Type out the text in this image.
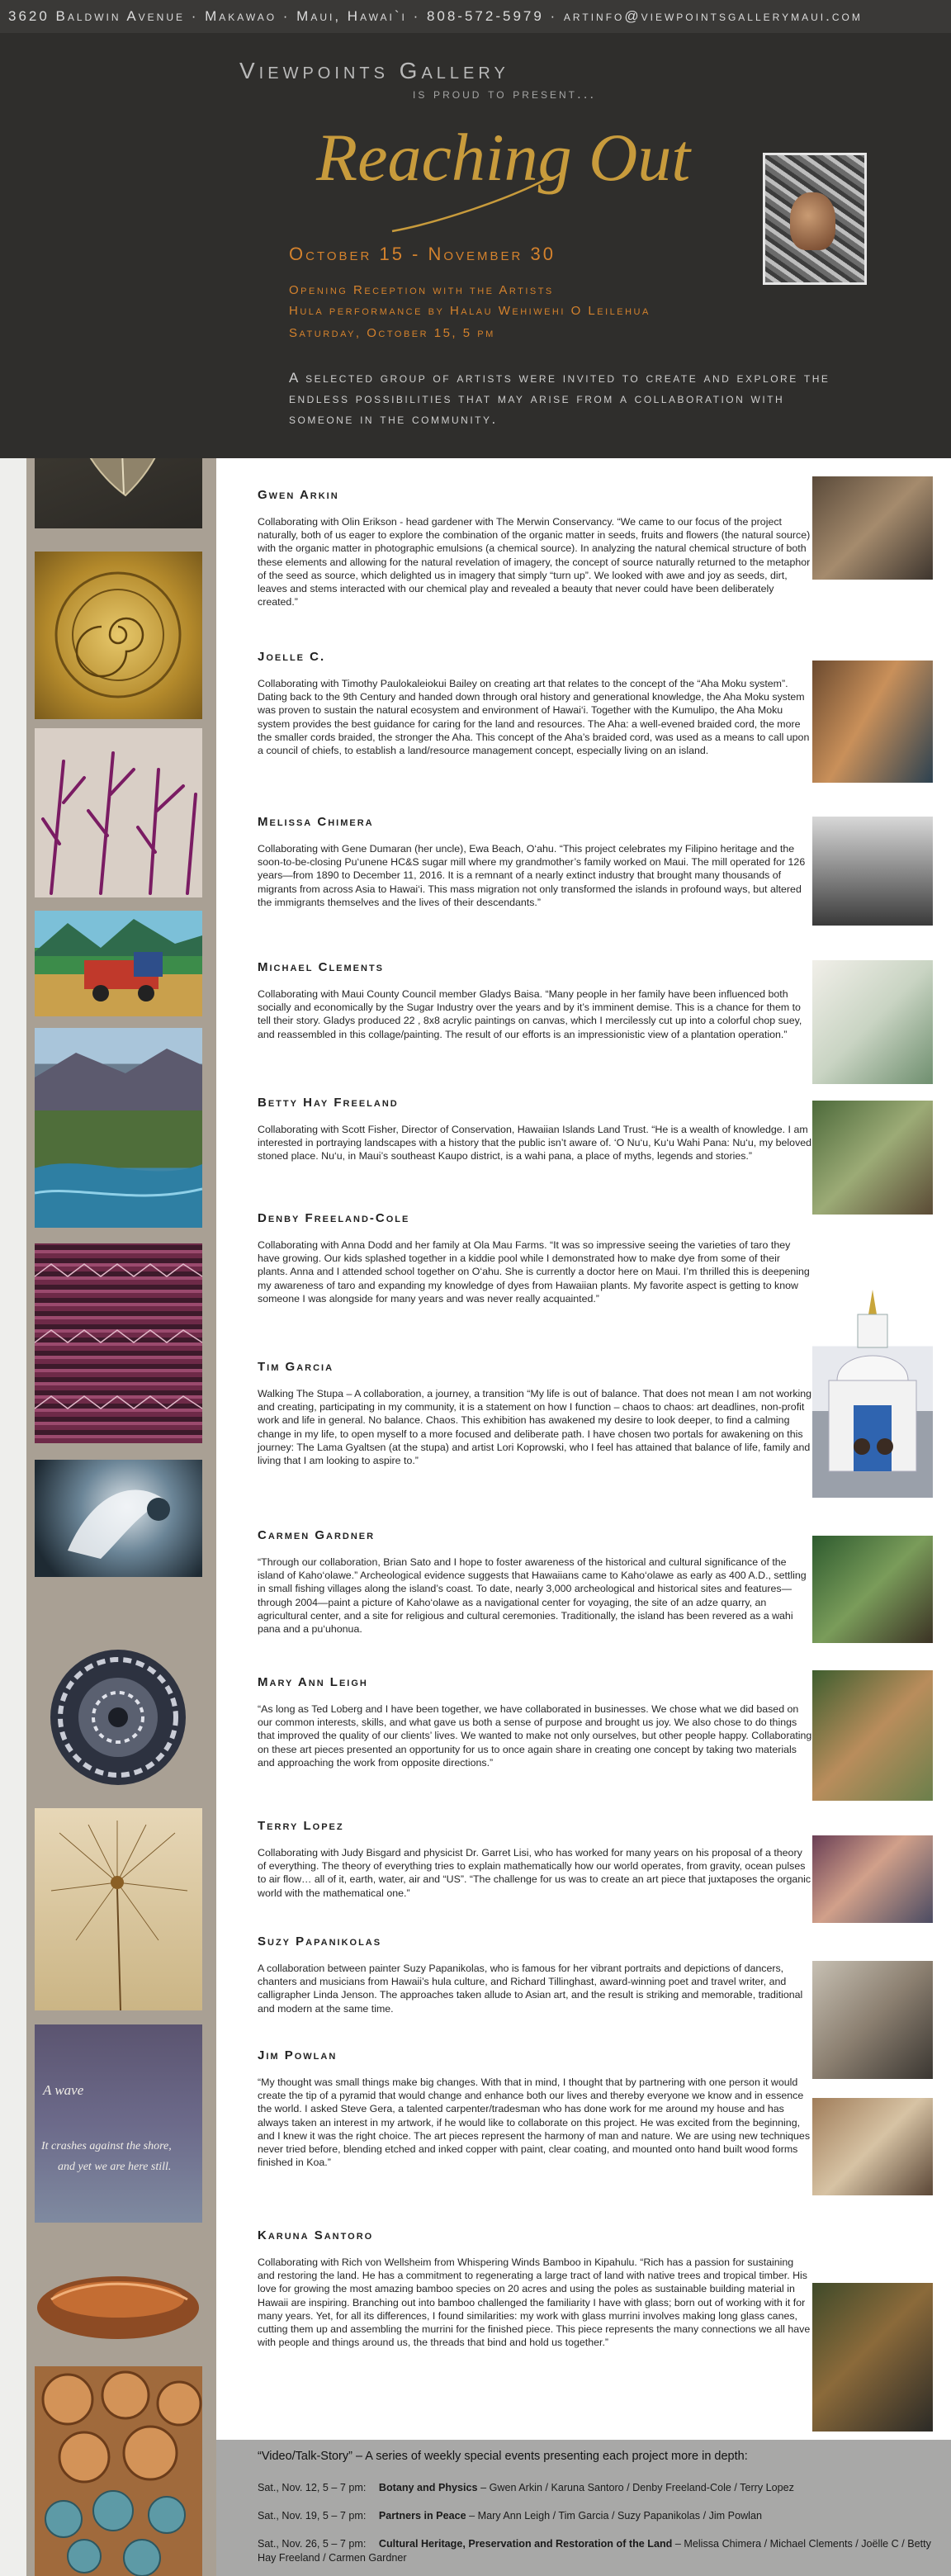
A wave
It crashes against the shore,
and yet we are here still.
3620 Baldwin Avenue · Makawao · Maui, Hawai`i · 808-572-5979 · artinfo@viewpointsgallerymaui.com
Viewpoints Gallery
is proud to present...
Reaching Out
October 15 - November 30
Opening Reception with the Artists
Hula performance by Halau Wehiwehi O Leilehua
Saturday, October 15, 5 pm
A selected group of artists were invited to create and explore the endless possibilities that may arise from a collaboration with someone in the community.
Gwen Arkin

Collaborating with Olin Erikson - head gardener with The Merwin Conservancy. “We came to our focus of the project naturally, both of us eager to explore the combination of the organic matter in seeds, fruits and flowers (the natural source) with the organic matter in photographic emulsions (a chemical source). In analyzing the natural chemical structure of both these elements and allowing for the natural revelation of imagery, the concept of source naturally returned to the metaphor of the seed as source, which delighted us in imagery that simply “turn up”. We looked with awe and joy as seeds, dirt, leaves and stems interacted with our chemical play and revealed a beauty that never could have been deliberately created.”

Joelle C.

Collaborating with Timothy Paulokaleiokui Bailey on creating art that relates to the concept of the “Aha Moku system”. Dating back to the 9th Century and handed down through oral history and generational knowledge, the Aha Moku system was proven to sustain the natural ecosystem and environment of Hawai‘i. Together with the Kumulipo, the Aha Moku system provides the best guidance for caring for the land and resources. The Aha: a well-evened braided cord, the more the smaller cords braided, the stronger the Aha. This concept of the Aha’s braided cord, was used as a means to call upon a council of chiefs, to establish a land/resource management concept, especially living on an island.

Melissa Chimera

Collaborating with Gene Dumaran (her uncle), Ewa Beach, O‘ahu. “This project celebrates my Filipino heritage and the soon-to-be-closing Pu‘unene HC&S sugar mill where my grandmother’s family worked on Maui. The mill operated for 126 years—from 1890 to December 11, 2016. It is a remnant of a nearly extinct industry that brought many thousands of migrants from across Asia to Hawai‘i. This mass migration not only transformed the islands in profound ways, but altered the immigrants themselves and the lives of their descendants.”

Michael Clements

Collaborating with Maui County Council member Gladys Baisa. “Many people in her family have been influenced both socially and economically by the Sugar Industry over the years and by it’s imminent demise. This is a chance for them to tell their story. Gladys produced 22 , 8x8 acrylic paintings on canvas, which I mercilessly cut up into a colorful chop suey, and reassembled in this collage/painting. The result of our efforts is an impressionistic view of a plantation operation.”

Betty Hay Freeland

Collaborating with Scott Fisher, Director of Conservation, Hawaiian Islands Land Trust. “He is a wealth of knowledge. I am interested in portraying landscapes with a history that the public isn’t aware of. ‘O Nu‘u, Ku‘u Wahi Pana: Nu‘u, my beloved stoned place. Nu‘u, in Maui’s southeast Kaupo district, is a wahi pana, a place of myths, legends and stories.”

Denby Freeland-Cole

Collaborating with Anna Dodd and her family at Ola Mau Farms. “It was so impressive seeing the varieties of taro they have growing. Our kids splashed together in a kiddie pool while I demonstrated how to make dye from some of their plants. Anna and I attended school together on O‘ahu. She is currently a doctor here on Maui. I’m thrilled this is deepening my awareness of taro and expanding my knowledge of dyes from Hawaiian plants. My favorite aspect is getting to know someone I was alongside for many years and was never really acquainted.”

Tim Garcia

Walking The Stupa – A collaboration, a journey, a transition “My life is out of balance. That does not mean I am not working and creating, participating in my community, it is a statement on how I function – chaos to chaos: art deadlines, non-profit work and life in general. No balance. Chaos. This exhibition has awakened my desire to look deeper, to find a calming change in my life, to open myself to a more focused and deliberate path. I have chosen two portals for awakening on this journey: The Lama Gyaltsen (at the stupa) and artist Lori Koprowski, who I feel has attained that balance of life, family and living that I am looking to aspire to.”

Carmen Gardner

“Through our collaboration, Brian Sato and I hope to foster awareness of the historical and cultural significance of the island of Kaho‘olawe.” Archeological evidence suggests that Hawaiians came to Kaho‘olawe as early as 400 A.D., settling in small fishing villages along the island’s coast. To date, nearly 3,000 archeological and historical sites and features—through 2004—paint a picture of Kaho‘olawe as a navigational center for voyaging, the site of an adze quarry, an agricultural center, and a site for religious and cultural ceremonies. Traditionally, the island has been revered as a wahi pana and a pu‘uhonua.

Mary Ann Leigh

“As long as Ted Loberg and I have been together, we have collaborated in businesses. We chose what we did based on our common interests, skills, and what gave us both a sense of purpose and brought us joy. We also chose to do things that improved the quality of our clients’ lives. We wanted to make not only ourselves, but other people happy. Collaborating on these art pieces presented an opportunity for us to once again share in creating one concept by taking two materials and approaching the work from opposite directions.”

Terry Lopez

Collaborating with Judy Bisgard and physicist Dr. Garret Lisi, who has worked for many years on his proposal of a theory of everything. The theory of everything tries to explain mathematically how our world operates, from gravity, ocean pulses to air flow… all of it, earth, water, air and “US”. “The challenge for us was to create an art piece that juxtaposes the organic world with the mathematical one.”

Suzy Papanikolas

A collaboration between painter Suzy Papanikolas, who is famous for her vibrant portraits and depictions of dancers, chanters and musicians from Hawaii’s hula culture, and Richard Tillinghast, award-winning poet and travel writer, and calligrapher Linda Jenson. The approaches taken allude to Asian art, and the result is striking and memorable, traditional and modern at the same time.

Jim Powlan

“My thought was small things make big changes. With that in mind, I thought that by partnering with one person it would create the tip of a pyramid that would change and enhance both our lives and thereby everyone we know and in essence the world. I asked Steve Gera, a talented carpenter/tradesman who has done work for me around my house and has always taken an interest in my artwork, if he would like to collaborate on this project. He was excited from the beginning, and I knew it was the right choice. The art pieces represent the harmony of man and nature. We are using new techniques never tried before, blending etched and inked copper with paint, clear coating, and mounted onto hand built wood forms finished in Koa.”

Karuna Santoro

Collaborating with Rich von Wellsheim from Whispering Winds Bamboo in Kipahulu. “Rich has a passion for sustaining and restoring the land. He has a commitment to regenerating a large tract of land with native trees and tropical timber. His love for growing the most amazing bamboo species on 20 acres and using the poles as sustainable building material in Hawaii are inspiring. Branching out into bamboo challenged the familiarity I have with glass; born out of working with it for many years. Yet, for all its differences, I found similarities: my work with glass murrini involves making long glass canes, cutting them up and assembling the murrini for the finished piece. This piece represents the many connections we all have with people and things around us, the threads that bind and hold us together.”

“Video/Talk-Story” – A series of weekly special events presenting each project more in depth:
Sat., Nov. 12, 5 – 7 pm: Botany and Physics – Gwen Arkin / Karuna Santoro / Denby Freeland-Cole / Terry Lopez
Sat., Nov. 19, 5 – 7 pm: Partners in Peace – Mary Ann Leigh / Tim Garcia / Suzy Papanikolas / Jim Powlan
Sat., Nov. 26, 5 – 7 pm: Cultural Heritage, Preservation and Restoration of the Land – Melissa Chimera / Michael Clements / Joëlle C / Betty Hay Freeland / Carmen Gardner
